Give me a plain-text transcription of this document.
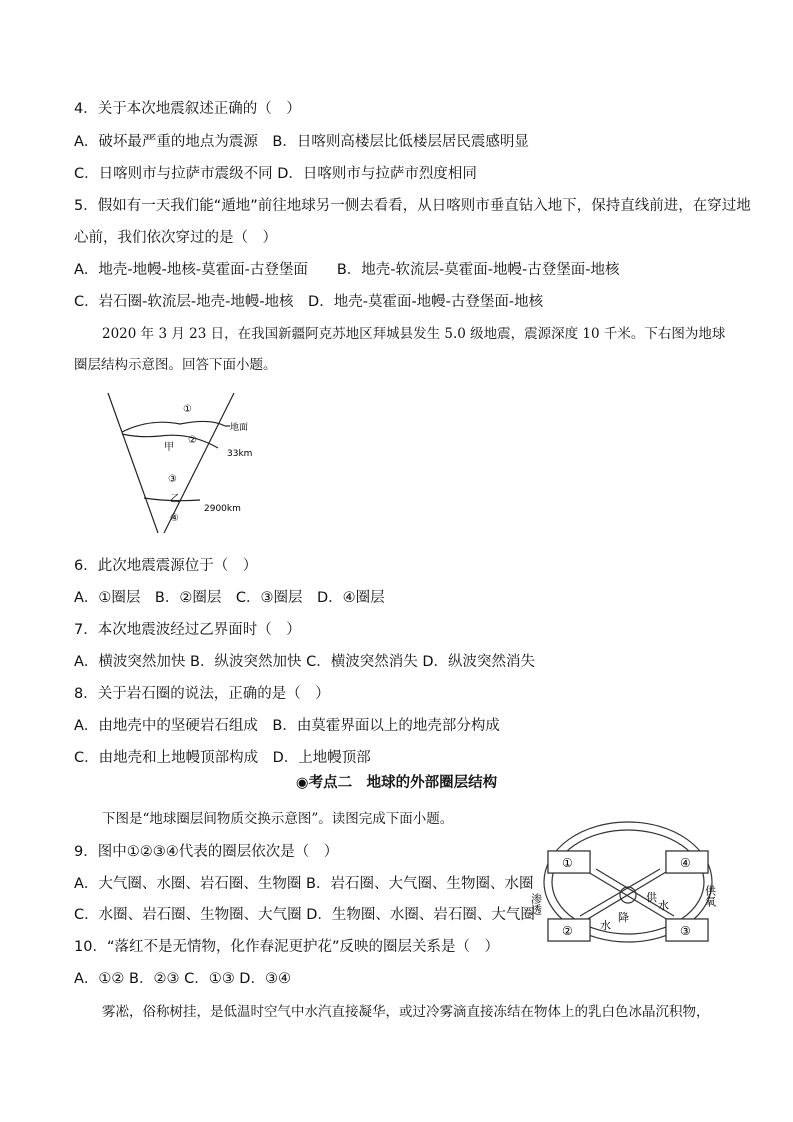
4．关于本次地震叙述正确的（　）
A．破坏最严重的地点为震源　B．日喀则高楼层比低楼层居民震感明显
C．日喀则市与拉萨市震级不同 D．日喀则市与拉萨市烈度相同
5．假如有一天我们能“遁地”前往地球另一侧去看看，从日喀则市垂直钻入地下，保持直线前进，在穿过地
心前，我们依次穿过的是（　）
A．地壳-地幔-地核-莫霍面-古登堡面　　B．地壳-软流层-莫霍面-地幔-古登堡面-地核
C．岩石圈-软流层-地壳-地幔-地核　D．地壳-莫霍面-地幔-古登堡面-地核
2020 年 3 月 23 日，在我国新疆阿克苏地区拜城县发生 5.0 级地震，震源深度 10 千米。下右图为地球
圈层结构示意图。回答下面小题。
①
②
③
④
甲
乙
地面
33km
2900km
6．此次地震震源位于（　）
A．①圈层　B．②圈层　C．③圈层　D．④圈层
7．本次地震波经过乙界面时（　）
A．横波突然加快 B．纵波突然加快 C．横波突然消失 D．纵波突然消失
8．关于岩石圈的说法，正确的是（　）
A．由地壳中的坚硬岩石组成　B．由莫霍界面以上的地壳部分构成
C．由地壳和上地幔顶部构成　D．上地幔顶部
◉考点二　地球的外部圈层结构
下图是“地球圈层间物质交换示意图”。读图完成下面小题。
9．图中①②③④代表的圈层依次是（　）
A．大气圈、水圈、岩石圈、生物圈 B．岩石圈、大气圈、生物圈、水圈
C．水圈、岩石圈、生物圈、大气圈 D．生物圈、水圈、岩石圈、大气圈
①	④
②	③
渗透	供氧
供
水
降
水
10．“落红不是无情物，化作春泥更护花”反映的圈层关系是（　）
A．①② B．②③ C．①③ D．③④
雾凇，俗称树挂，是低温时空气中水汽直接凝华，或过冷雾滴直接冻结在物体上的乳白色冰晶沉积物，
